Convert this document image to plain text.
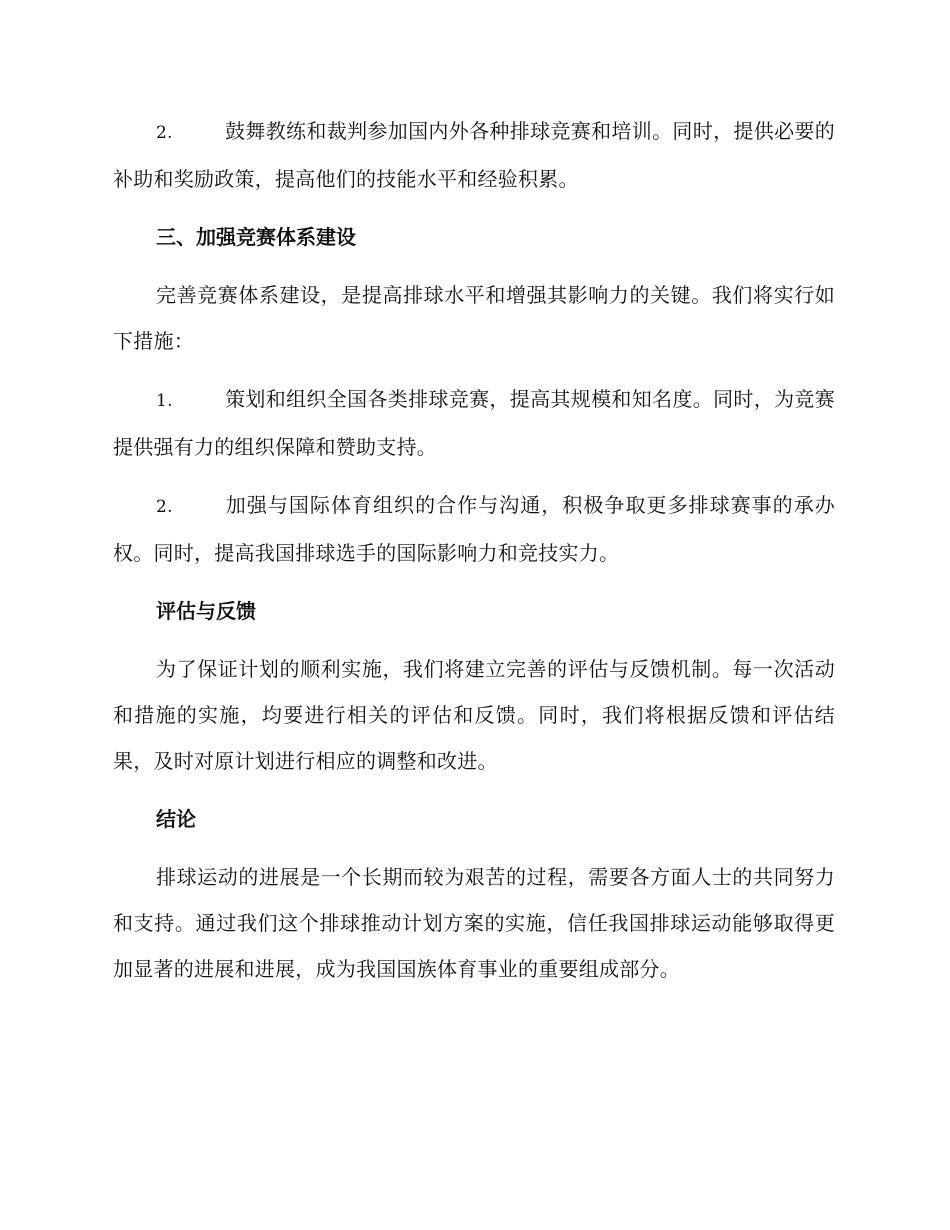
2.	鼓舞教练和裁判参加国内外各种排球竞赛和培训。同时，提供必要的补助和奖励政策，提高他们的技能水平和经验积累。

三、加强竞赛体系建设

完善竞赛体系建设，是提高排球水平和增强其影响力的关键。我们将实行如下措施：

1.	策划和组织全国各类排球竞赛，提高其规模和知名度。同时，为竞赛提供强有力的组织保障和赞助支持。

2.	加强与国际体育组织的合作与沟通，积极争取更多排球赛事的承办权。同时，提高我国排球选手的国际影响力和竞技实力。

评估与反馈

为了保证计划的顺利实施，我们将建立完善的评估与反馈机制。每一次活动和措施的实施，均要进行相关的评估和反馈。同时，我们将根据反馈和评估结果，及时对原计划进行相应的调整和改进。

结论

排球运动的进展是一个长期而较为艰苦的过程，需要各方面人士的共同努力和支持。通过我们这个排球推动计划方案的实施，信任我国排球运动能够取得更加显著的进展和进展，成为我国国族体育事业的重要组成部分。
